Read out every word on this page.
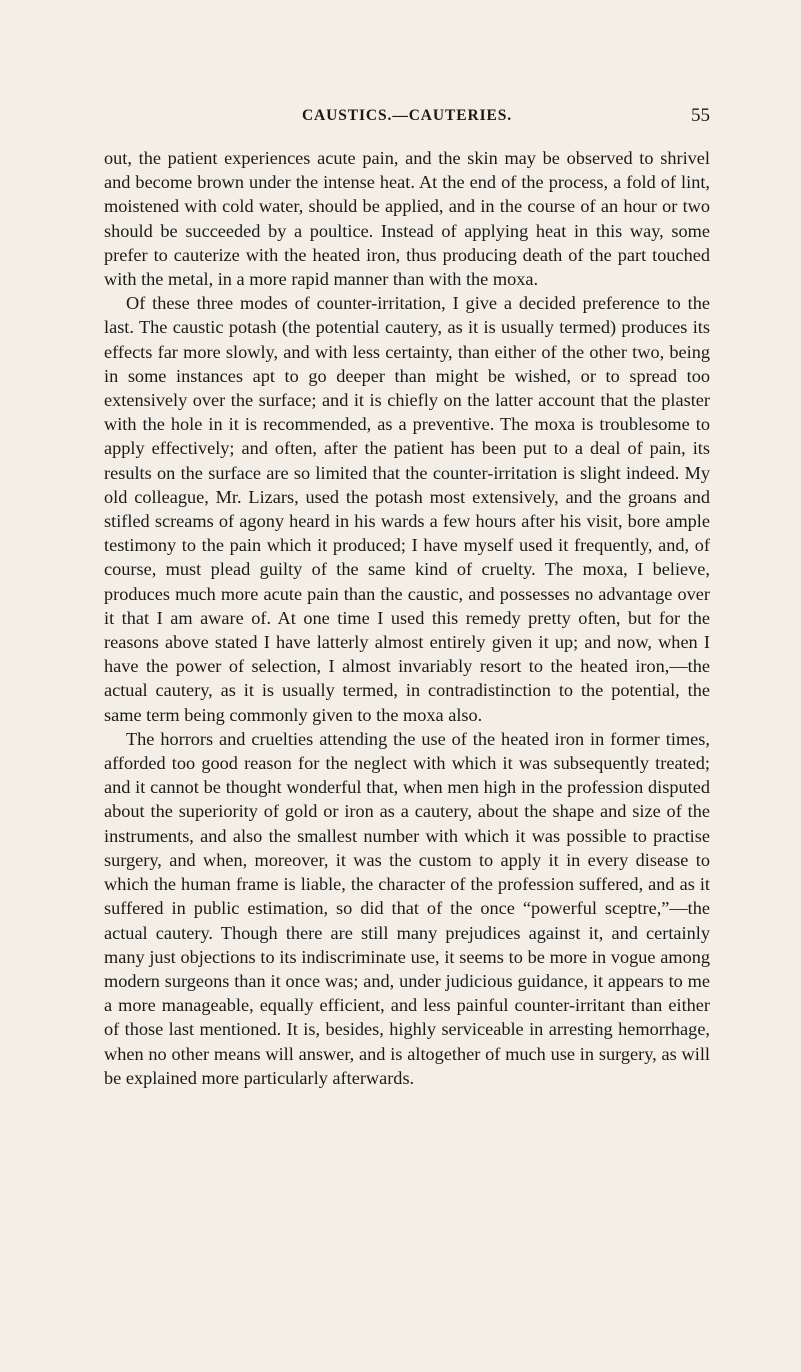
CAUSTICS.—CAUTERIES.	55

out, the patient experiences acute pain, and the skin may be observed to shrivel and become brown under the intense heat. At the end of the process, a fold of lint, moistened with cold water, should be applied, and in the course of an hour or two should be succeeded by a poultice. Instead of applying heat in this way, some prefer to cauterize with the heated iron, thus producing death of the part touched with the metal, in a more rapid manner than with the moxa.

Of these three modes of counter-irritation, I give a decided preference to the last. The caustic potash (the potential cautery, as it is usually termed) produces its effects far more slowly, and with less certainty, than either of the other two, being in some instances apt to go deeper than might be wished, or to spread too extensively over the surface; and it is chiefly on the latter account that the plaster with the hole in it is recommended, as a preventive. The moxa is troublesome to apply effectively; and often, after the patient has been put to a deal of pain, its results on the surface are so limited that the counter-irritation is slight indeed. My old colleague, Mr. Lizars, used the potash most extensively, and the groans and stifled screams of agony heard in his wards a few hours after his visit, bore ample testimony to the pain which it produced; I have myself used it frequently, and, of course, must plead guilty of the same kind of cruelty. The moxa, I believe, produces much more acute pain than the caustic, and possesses no advantage over it that I am aware of. At one time I used this remedy pretty often, but for the reasons above stated I have latterly almost entirely given it up; and now, when I have the power of selection, I almost invariably resort to the heated iron,—the actual cautery, as it is usually termed, in contradistinction to the potential, the same term being commonly given to the moxa also.

The horrors and cruelties attending the use of the heated iron in former times, afforded too good reason for the neglect with which it was subsequently treated; and it cannot be thought wonderful that, when men high in the profession disputed about the superiority of gold or iron as a cautery, about the shape and size of the instruments, and also the smallest number with which it was possible to practise surgery, and when, moreover, it was the custom to apply it in every disease to which the human frame is liable, the character of the profession suffered, and as it suffered in public estimation, so did that of the once “powerful sceptre,”—the actual cautery. Though there are still many prejudices against it, and certainly many just objections to its indiscriminate use, it seems to be more in vogue among modern surgeons than it once was; and, under judicious guidance, it appears to me a more manageable, equally efficient, and less painful counter-irritant than either of those last mentioned. It is, besides, highly serviceable in arresting hemorrhage, when no other means will answer, and is altogether of much use in surgery, as will be explained more particularly afterwards.
